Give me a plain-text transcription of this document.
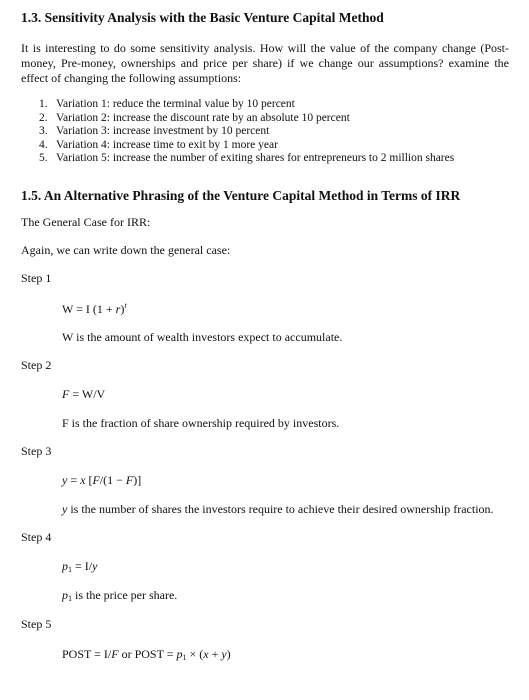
1.3. Sensitivity Analysis with the Basic Venture Capital Method

It is interesting to do some sensitivity analysis. How will the value of the company change (Post-money, Pre-money, ownerships and price per share) if we change our assumptions? examine the effect of changing the following assumptions:

1. Variation 1: reduce the terminal value by 10 percent
2. Variation 2: increase the discount rate by an absolute 10 percent
3. Variation 3: increase investment by 10 percent
4. Variation 4: increase time to exit by 1 more year
5. Variation 5: increase the number of exiting shares for entrepreneurs to 2 million shares
1.5. An Alternative Phrasing of the Venture Capital Method in Terms of IRR

The General Case for IRR:

Again, we can write down the general case:

Step 1
W = I $(1 + r)^t$
W is the amount of wealth investors expect to accumulate.
Step 2
F = W/V
F is the fraction of share ownership required by investors.
Step 3
y = x [F/(1 − F)]
y is the number of shares the investors require to achieve their desired ownership fraction.
Step 4
$p_1 = I/y$
$p_1$ is the price per share.
Step 5
POST = I/F or POST = $p_1 \times (x + y)$
